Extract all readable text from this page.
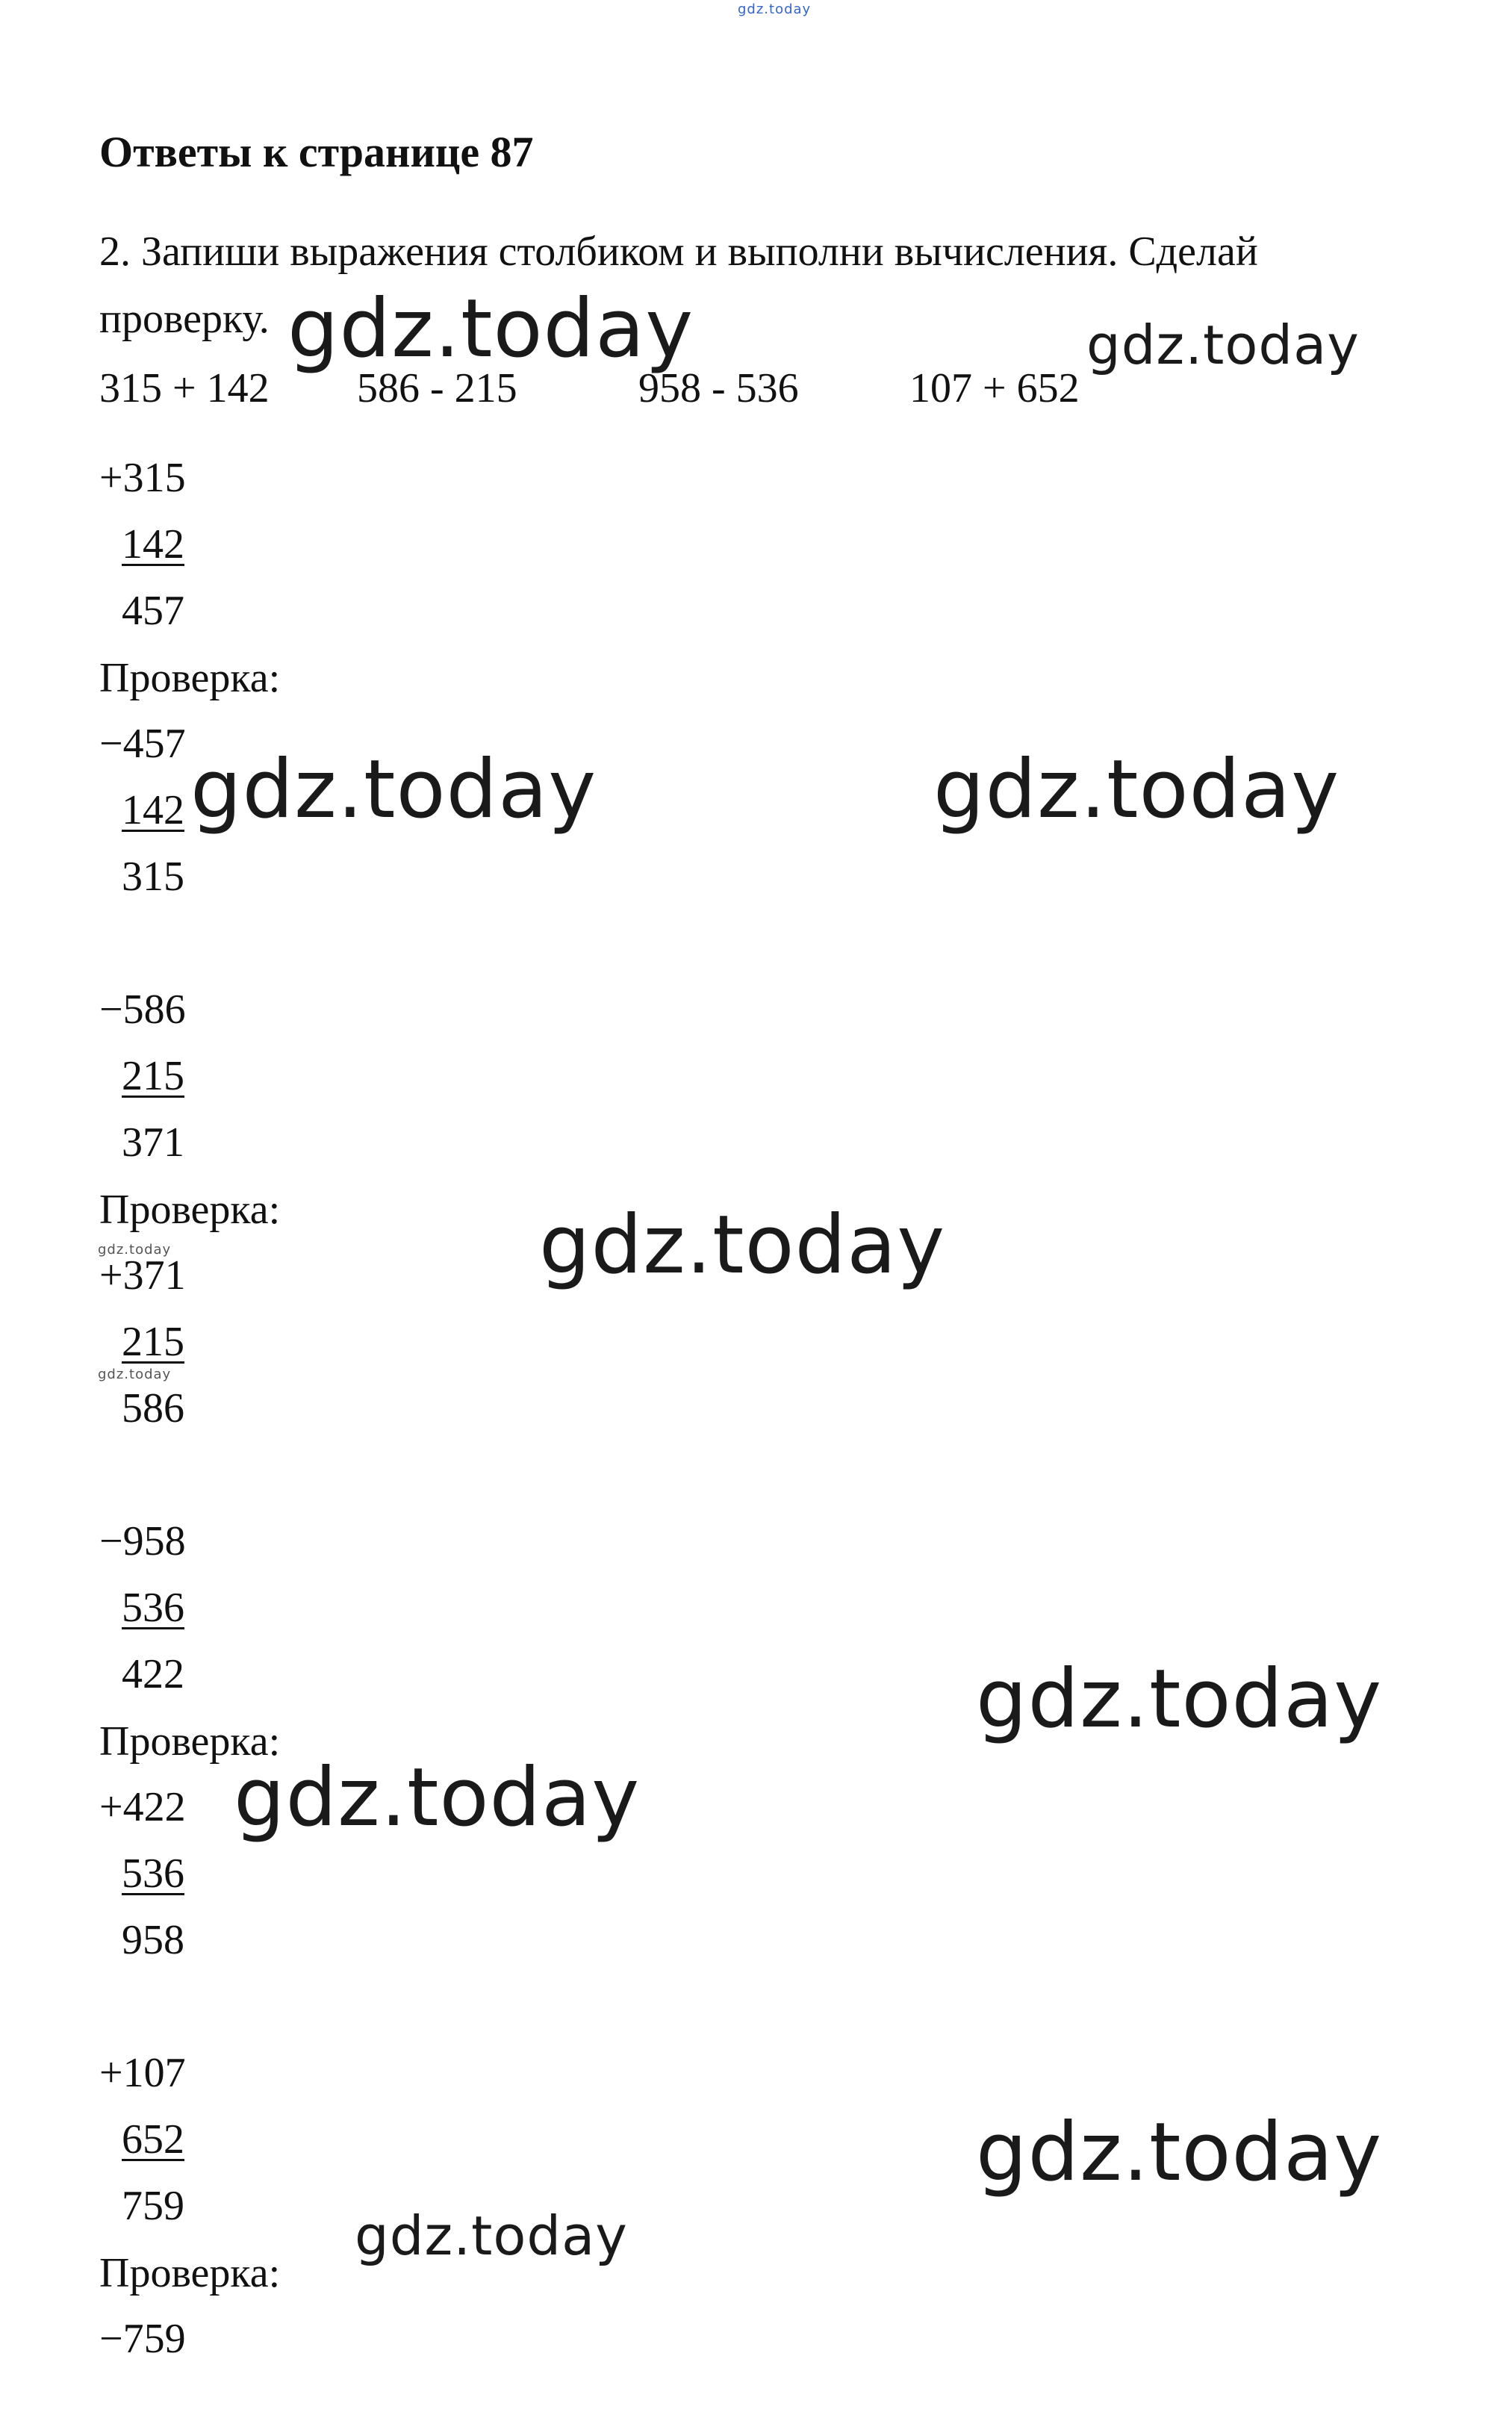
gdz.today
Ответы к странице 87
2. Запиши выражения столбиком и выполни вычисления. Сделай
проверку.
315 + 142 586 - 215	958 - 536	107 + 652
+315
142
457
Проверка:
−457
142
315
−586
215
371
Проверка:
+371
215
586
−958
536
422
Проверка:
+422
536
958
+107
652
759
Проверка:
−759
gdz.today	gdz.today
gdz.today	gdz.today
gdz.today
gdz.today
gdz.today
gdz.today
gdz.today
gdz.today
gdz.today
